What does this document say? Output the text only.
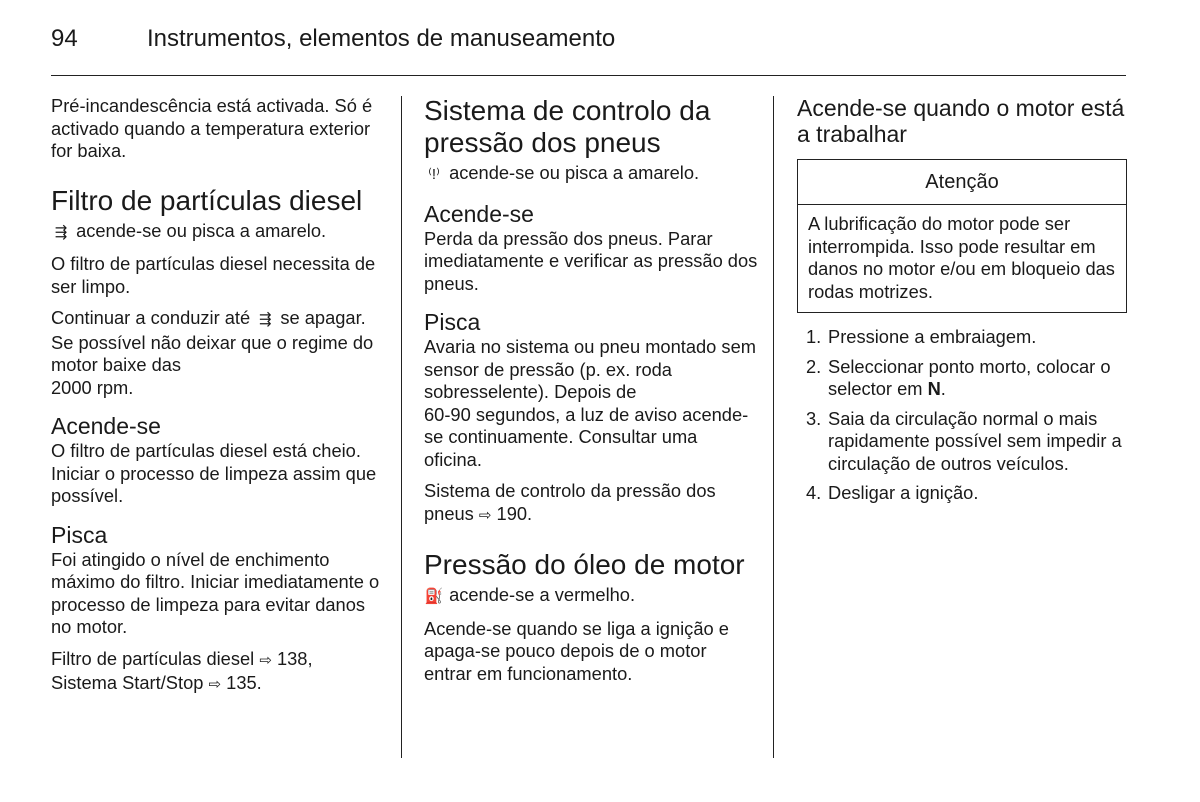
94	Instrumentos, elementos de manuseamento

Pré-incandescência está activada. Só é activado quando a temperatura exterior for baixa.

Filtro de partículas diesel

⇶ acende-se ou pisca a amarelo.

O filtro de partículas diesel necessita de ser limpo.

Continuar a conduzir até ⇶ se apagar. Se possível não deixar que o regime do motor baixe das
2000 rpm.

Acende-se

O filtro de partículas diesel está cheio. Iniciar o processo de limpeza assim que possível.

Pisca

Foi atingido o nível de enchimento máximo do filtro. Iniciar imediatamente o processo de limpeza para evitar danos no motor.

Filtro de partículas diesel ⇨ 138,
Sistema Start/Stop ⇨ 135.

Sistema de controlo da pressão dos pneus

⁽!⁾ acende-se ou pisca a amarelo.

Acende-se

Perda da pressão dos pneus. Parar imediatamente e verificar as pressão dos pneus.

Pisca

Avaria no sistema ou pneu montado sem sensor de pressão (p. ex. roda sobresselente). Depois de
60-90 segundos, a luz de aviso acende-se continuamente. Consultar uma oficina.

Sistema de controlo da pressão dos pneus ⇨ 190.

Pressão do óleo de motor

⛽ acende-se a vermelho.

Acende-se quando se liga a ignição e apaga-se pouco depois de o motor entrar em funcionamento.

Acende-se quando o motor está a trabalhar
Atenção
A lubrificação do motor pode ser interrompida. Isso pode resultar em danos no motor e/ou em bloqueio das rodas motrizes.
1. Pressione a embraiagem.
2. Seleccionar ponto morto, colocar o selector em N.
3. Saia da circulação normal o mais rapidamente possível sem impedir a circulação de outros veículos.
4. Desligar a ignição.
